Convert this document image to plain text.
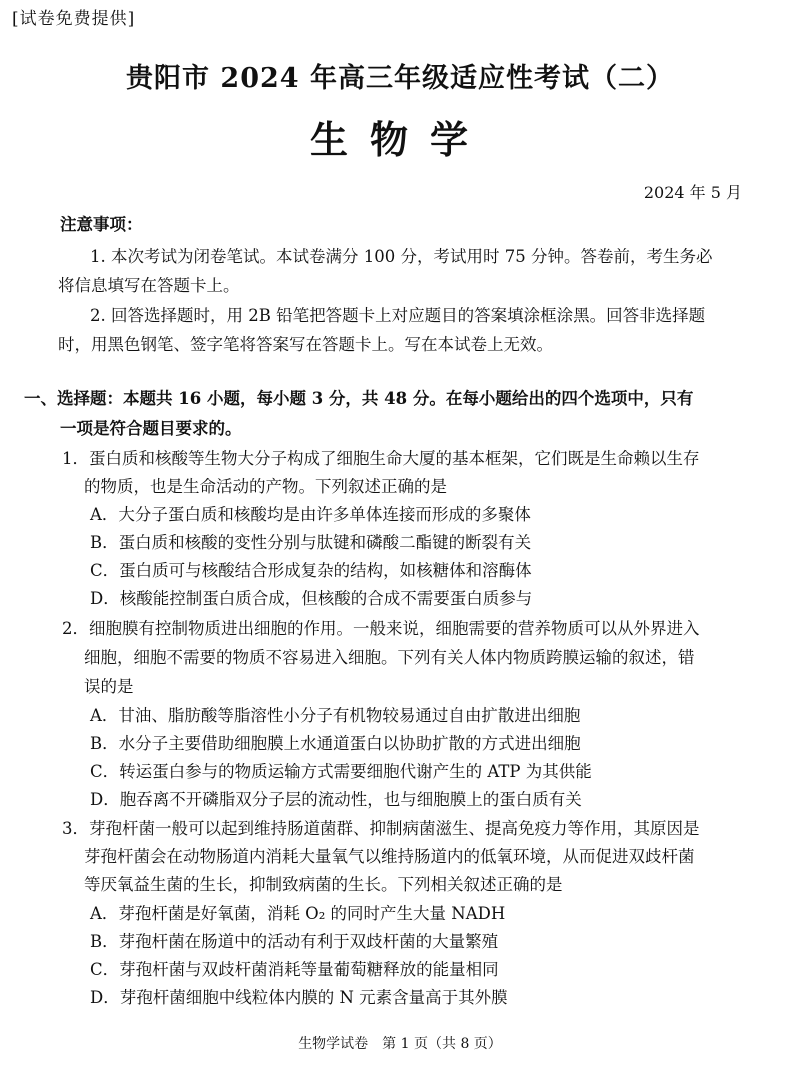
[试卷免费提供]
贵阳市 2024 年高三年级适应性考试（二）
生物学
2024 年 5 月
注意事项：
1. 本次考试为闭卷笔试。本试卷满分 100 分，考试用时 75 分钟。答卷前，考生务必
将信息填写在答题卡上。
2. 回答选择题时，用 2B 铅笔把答题卡上对应题目的答案填涂框涂黑。回答非选择题
时，用黑色钢笔、签字笔将答案写在答题卡上。写在本试卷上无效。
一、选择题：本题共 16 小题，每小题 3 分，共 48 分。在每小题给出的四个选项中，只有
一项是符合题目要求的。
1．蛋白质和核酸等生物大分子构成了细胞生命大厦的基本框架，它们既是生命赖以生存
的物质，也是生命活动的产物。下列叙述正确的是
A．大分子蛋白质和核酸均是由许多单体连接而形成的多聚体
B．蛋白质和核酸的变性分别与肽键和磷酸二酯键的断裂有关
C．蛋白质可与核酸结合形成复杂的结构，如核糖体和溶酶体
D．核酸能控制蛋白质合成，但核酸的合成不需要蛋白质参与
2．细胞膜有控制物质进出细胞的作用。一般来说，细胞需要的营养物质可以从外界进入
细胞，细胞不需要的物质不容易进入细胞。下列有关人体内物质跨膜运输的叙述，错
误的是
A．甘油、脂肪酸等脂溶性小分子有机物较易通过自由扩散进出细胞
B．水分子主要借助细胞膜上水通道蛋白以协助扩散的方式进出细胞
C．转运蛋白参与的物质运输方式需要细胞代谢产生的 ATP 为其供能
D．胞吞离不开磷脂双分子层的流动性，也与细胞膜上的蛋白质有关
3．芽孢杆菌一般可以起到维持肠道菌群、抑制病菌滋生、提高免疫力等作用，其原因是
芽孢杆菌会在动物肠道内消耗大量氧气以维持肠道内的低氧环境，从而促进双歧杆菌
等厌氧益生菌的生长，抑制致病菌的生长。下列相关叙述正确的是
A．芽孢杆菌是好氧菌，消耗 O₂ 的同时产生大量 NADH
B．芽孢杆菌在肠道中的活动有利于双歧杆菌的大量繁殖
C．芽孢杆菌与双歧杆菌消耗等量葡萄糖释放的能量相同
D．芽孢杆菌细胞中线粒体内膜的 N 元素含量高于其外膜
生物学试卷　第 1 页（共 8 页）
